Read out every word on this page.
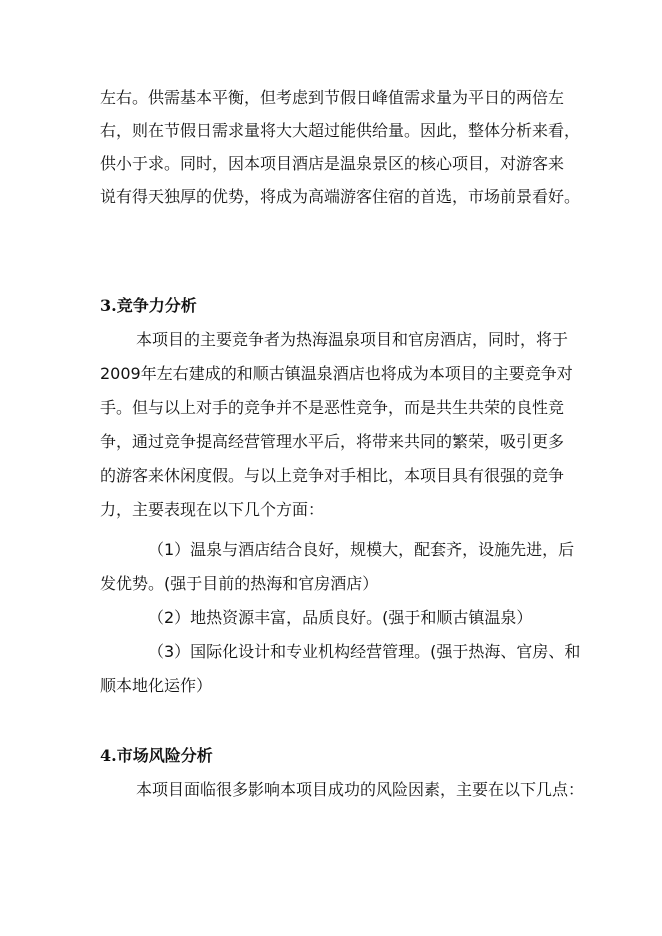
左右。供需基本平衡，但考虑到节假日峰值需求量为平日的两倍左
右，则在节假日需求量将大大超过能供给量。因此，整体分析来看，
供小于求。同时，因本项目酒店是温泉景区的核心项目，对游客来
说有得天独厚的优势，将成为高端游客住宿的首选，市场前景看好。
3.竞争力分析
本项目的主要竞争者为热海温泉项目和官房酒店，同时，将于
2009年左右建成的和顺古镇温泉酒店也将成为本项目的主要竞争对
手。但与以上对手的竞争并不是恶性竞争，而是共生共荣的良性竞
争，通过竞争提高经营管理水平后，将带来共同的繁荣，吸引更多
的游客来休闲度假。与以上竞争对手相比，本项目具有很强的竞争
力，主要表现在以下几个方面：
（1）温泉与酒店结合良好，规模大，配套齐，设施先进，后
发优势。(强于目前的热海和官房酒店）
（2）地热资源丰富，品质良好。(强于和顺古镇温泉）
（3）国际化设计和专业机构经营管理。(强于热海、官房、和
顺本地化运作）
4.市场风险分析
本项目面临很多影响本项目成功的风险因素，主要在以下几点：
